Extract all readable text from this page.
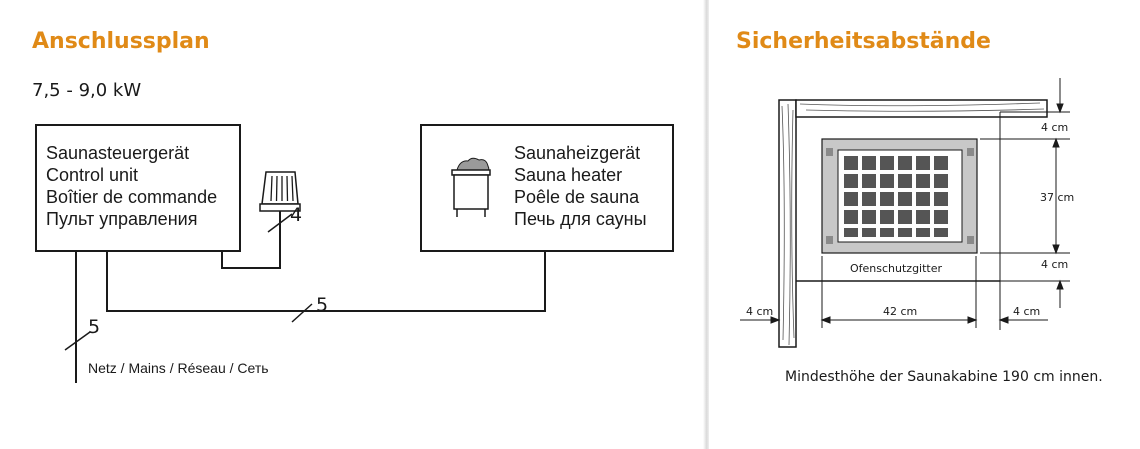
Anschlussplan
7,5 - 9,0 kW
Saunasteuergerät
Control unit
Boîtier de commande
Пульт управления
Saunaheizgerät
Sauna heater
Poêle de sauna
Печь для сауны
4
5
5
Netz / Mains / Réseau / Сеть
Sicherheitsabstände
4 cm
37 cm
4 cm
4 cm	42 cm	4 cm
Ofenschutzgitter
Mindesthöhe der Saunakabine 190 cm innen.
